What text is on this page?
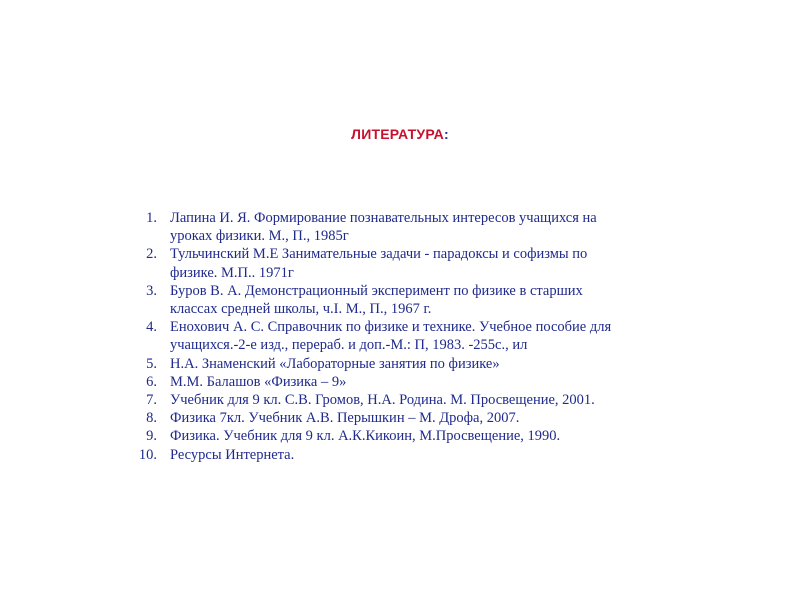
ЛИТЕРАТУРА:
1. Лапина И. Я. Формирование познавательных интересов учащихся на
уроках физики. М., П., 1985г
2. Тульчинский М.Е Занимательные задачи - парадоксы и софизмы по
физике. М.П.. 1971г
3. Буров В. А. Демонстрационный эксперимент по физике в старших
классах средней школы, ч.I. М., П., 1967 г.
4. Енохович А. С. Справочник по физике и технике. Учебное пособие для
учащихся.-2-е изд., перераб. и доп.-М.: П, 1983. -255с., ил
5. Н.А. Знаменский «Лабораторные занятия по физике»
6. М.М. Балашов «Физика – 9»
7. Учебник для 9 кл. С.В. Громов, Н.А. Родина. М. Просвещение, 2001.
8. Физика 7кл. Учебник А.В. Перышкин – М. Дрофа, 2007.
9. Физика. Учебник для 9 кл. А.К.Кикоин, М.Просвещение, 1990.
10. Ресурсы Интернета.
